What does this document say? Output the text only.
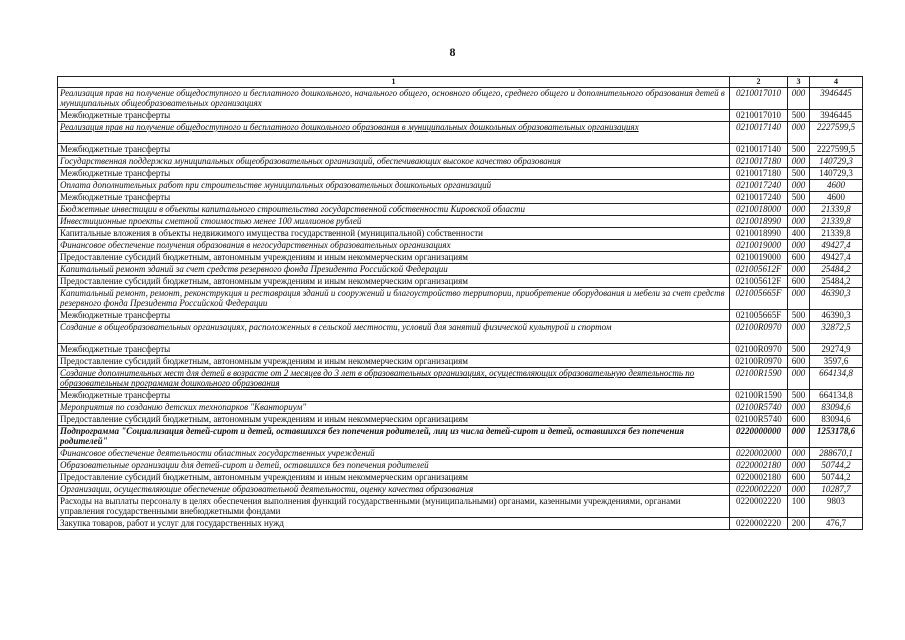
8
1	2	3	4
Реализация прав на получение общедоступного и бесплатного дошкольного, начального общего, основного общего, среднего общего и дополнительного образования детей в муниципальных общеобразовательных организациях	0210017010	000	3946445
Межбюджетные трансферты	0210017010	500	3946445
Реализация прав на получение общедоступного и бесплатного дошкольного образования в муниципальных дошкольных образовательных организациях	0210017140	000	2227599,5
Межбюджетные трансферты	0210017140	500	2227599,5
Государственная поддержка муниципальных общеобразовательных организаций, обеспечивающих высокое качество образования	0210017180	000	140729,3
Межбюджетные трансферты	0210017180	500	140729,3
Оплата дополнительных работ при строительстве муниципальных образовательных дошкольных организаций	0210017240	000	4600
Межбюджетные трансферты	0210017240	500	4600
Бюджетные инвестиции в объекты капитального строительства государственной собственности Кировской области	0210018000	000	21339,8
Инвестиционные проекты сметной стоимостью менее 100 миллионов рублей	0210018990	000	21339,8
Капитальные вложения в объекты недвижимого имущества государственной (муниципальной) собственности	0210018990	400	21339,8
Финансовое обеспечение получения образования в негосударственных образовательных организациях	0210019000	000	49427,4
Предоставление субсидий бюджетным, автономным учреждениям и иным некоммерческим организациям	0210019000	600	49427,4
Капитальный ремонт зданий за счет средств резервного фонда Президента Российской Федерации	021005612F	000	25484,2
Предоставление субсидий бюджетным, автономным учреждениям и иным некоммерческим организациям	021005612F	600	25484,2
Капитальный ремонт, ремонт, реконструкция и реставрация зданий и сооружений и благоустройство территории, приобретение оборудования и мебели за счет средств резервного фонда Президента Российской Федерации	021005665F	000	46390,3
Межбюджетные трансферты	021005665F	500	46390,3
Создание в общеобразовательных организациях, расположенных в сельской местности, условий для занятий физической культурой и спортом	02100R0970	000	32872,5
Межбюджетные трансферты	02100R0970	500	29274,9
Предоставление субсидий бюджетным, автономным учреждениям и иным некоммерческим организациям	02100R0970	600	3597,6
Создание дополнительных мест для детей в возрасте от 2 месяцев до 3 лет в образовательных организациях, осуществляющих образовательную деятельность по образовательным программам дошкольного образования	02100R1590	000	664134,8
Межбюджетные трансферты	02100R1590	500	664134,8
Мероприятия по созданию детских технопарков "Кванториум"	02100R5740	000	83094,6
Предоставление субсидий бюджетным, автономным учреждениям и иным некоммерческим организациям	02100R5740	600	83094,6
Подпрограмма "Социализация детей-сирот и детей, оставшихся без попечения родителей, лиц из числа детей-сирот и детей, оставшихся без попечения родителей"	0220000000	000	1253178,6
Финансовое обеспечение деятельности областных государственных учреждений	0220002000	000	288670,1
Образовательные организации для детей-сирот и детей, оставшихся без попечения родителей	0220002180	000	50744,2
Предоставление субсидий бюджетным, автономным учреждениям и иным некоммерческим организациям	0220002180	600	50744,2
Организации, осуществляющие обеспечение образовательной деятельности, оценку качества образования	0220002220	000	10287,7
Расходы на выплаты персоналу в целях обеспечения выполнения функций государственными (муниципальными) органами, казенными учреждениями, органами управления государственными внебюджетными фондами	0220002220	100	9803
Закупка товаров, работ и услуг для государственных нужд	0220002220	200	476,7
